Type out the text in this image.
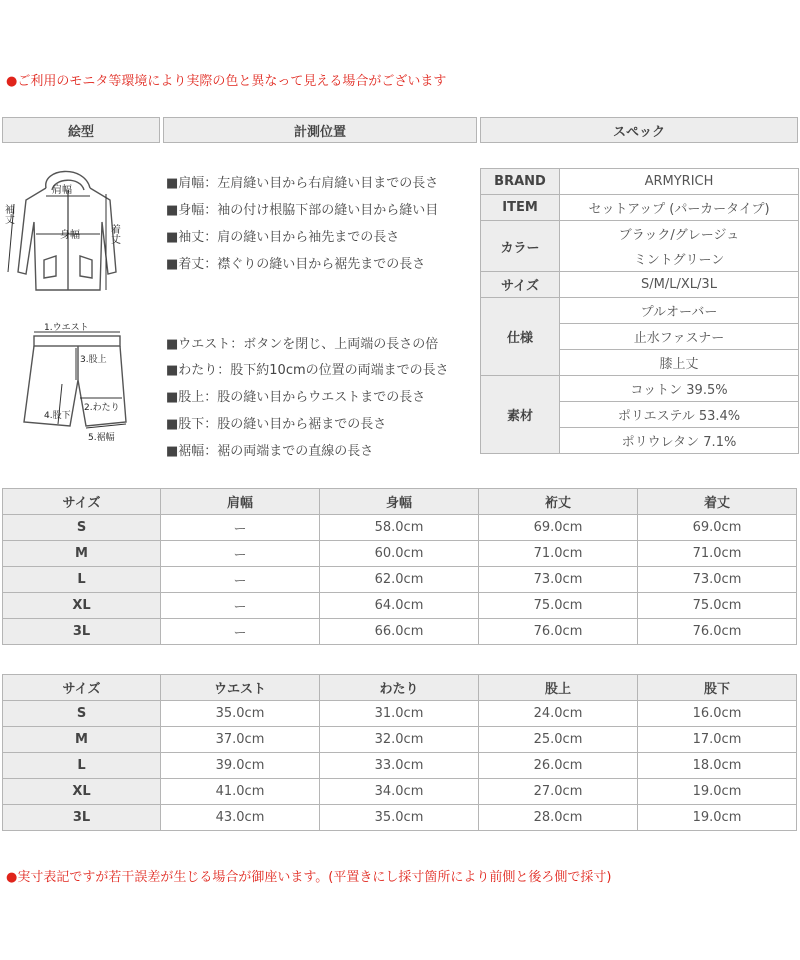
●ご利用のモニタ等環境により実際の色と異なって見える場合がございます
絵型	計測位置	スペック
肩幅
身幅
袖丈
着丈
1.ウエスト
3.股上
2.わたり
4.股下
5.裾幅
■肩幅：左肩縫い目から右肩縫い目までの長さ
■身幅：袖の付け根脇下部の縫い目から縫い目
■袖丈：肩の縫い目から袖先までの長さ
■着丈：襟ぐりの縫い目から裾先までの長さ
■ウエスト：ボタンを閉じ、上両端の長さの倍
■わたり：股下約10cmの位置の両端までの長さ
■股上：股の縫い目からウエストまでの長さ
■股下：股の縫い目から裾までの長さ
■裾幅：裾の両端までの直線の長さ
BRAND	ARMYRICH
ITEM	セットアップ (パーカータイプ)
カラー	ブラック/グレージュ
	ミントグリーン
サイズ	S/M/L/XL/3L
仕様	プルオーバー
	止水ファスナー
	膝上丈
素材	コットン 39.5%
	ポリエステル 53.4%
	ポリウレタン 7.1%
サイズ	肩幅	身幅	裄丈	着丈
S	ー	58.0cm	69.0cm	69.0cm
M	ー	60.0cm	71.0cm	71.0cm
L	ー	62.0cm	73.0cm	73.0cm
XL	ー	64.0cm	75.0cm	75.0cm
3L	ー	66.0cm	76.0cm	76.0cm
サイズ	ウエスト	わたり	股上	股下
S	35.0cm	31.0cm	24.0cm	16.0cm
M	37.0cm	32.0cm	25.0cm	17.0cm
L	39.0cm	33.0cm	26.0cm	18.0cm
XL	41.0cm	34.0cm	27.0cm	19.0cm
3L	43.0cm	35.0cm	28.0cm	19.0cm
●実寸表記ですが若干誤差が生じる場合が御座います。(平置きにし採寸箇所により前側と後ろ側で採寸)
